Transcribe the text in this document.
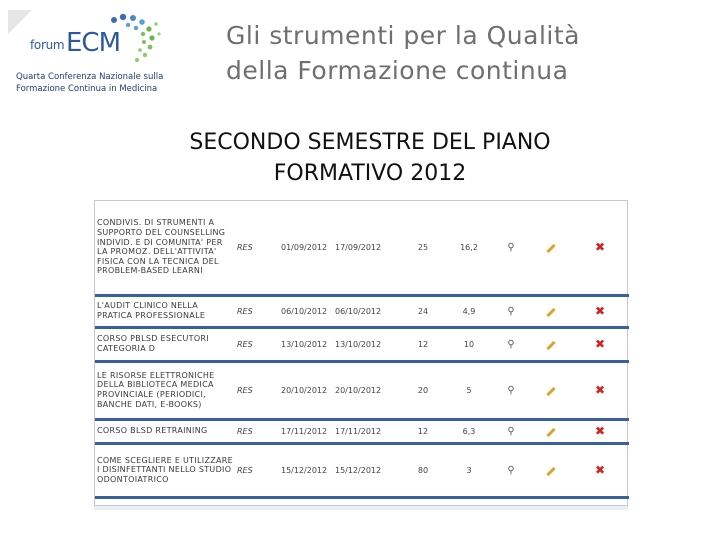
forum ECM
Quarta Conferenza Nazionale sulla
Formazione Continua in Medicina
Gli strumenti per la Qualità
della Formazione continua
SECONDO SEMESTRE DEL PIANO
FORMATIVO 2012
CONDIVIS. DI STRUMENTI A SUPPORTO DEL COUNSELLING INDIVID. E DI COMUNITA' PER LA PROMOZ. DELL'ATTIVITA' FISICA CON LA TECNICA DEL PROBLEM-BASED LEARNI	RES	01/09/2012	17/09/2012	25	16,2	⚲		✖
L'AUDIT CLINICO NELLA PRATICA PROFESSIONALE	RES	06/10/2012	06/10/2012	24	4,9	⚲		✖
CORSO PBLSD ESECUTORI CATEGORIA D	RES	13/10/2012	13/10/2012	12	10	⚲		✖
LE RISORSE ELETTRONICHE DELLA BIBLIOTECA MEDICA PROVINCIALE (PERIODICI, BANCHE DATI, E-BOOKS)	RES	20/10/2012	20/10/2012	20	5	⚲		✖
CORSO BLSD RETRAINING	RES	17/11/2012	17/11/2012	12	6,3	⚲		✖
COME SCEGLIERE E UTILIZZARE I DISINFETTANTI NELLO STUDIO ODONTOIATRICO	RES	15/12/2012	15/12/2012	80	3	⚲		✖
